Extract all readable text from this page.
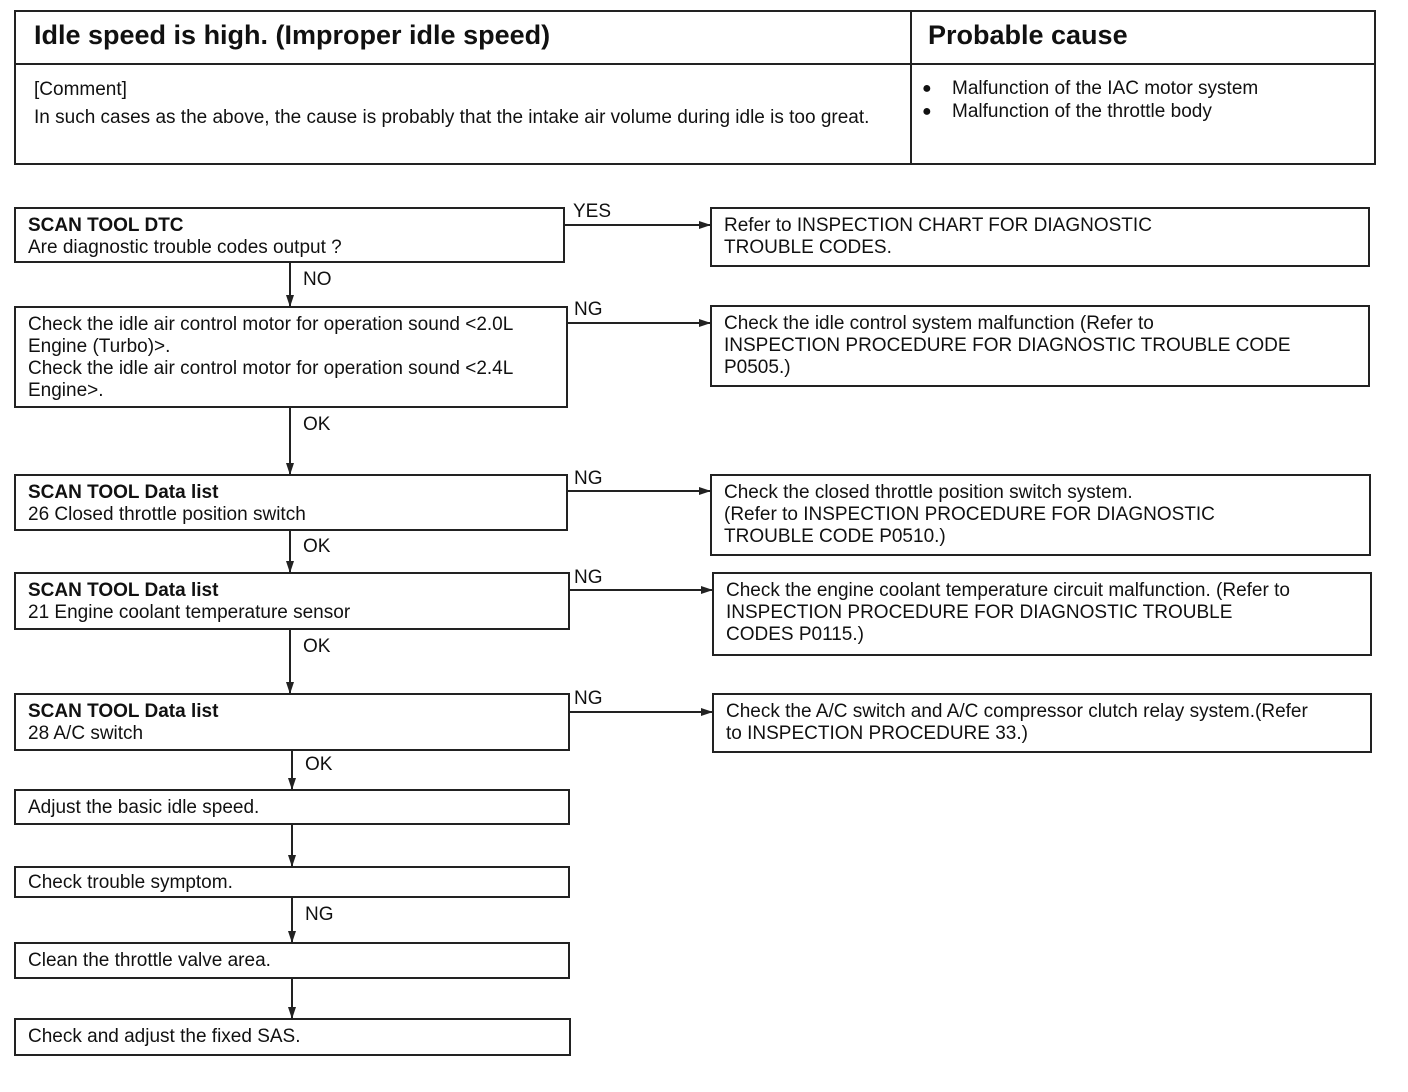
Idle speed is high. (Improper idle speed)	Probable cause
[Comment]
In such cases as the above, the cause is probably that the intake air volume during idle is too great.
●	Malfunction of the IAC motor system
●	Malfunction of the throttle body
SCAN TOOL DTC
Are diagnostic trouble codes output ?
Check the idle air control motor for operation sound <2.0L
Engine (Turbo)>.
Check the idle air control motor for operation sound <2.4L
Engine>.
SCAN TOOL Data list
26 Closed throttle position switch
SCAN TOOL Data list
21 Engine coolant temperature sensor
SCAN TOOL Data list
28 A/C switch
Adjust the basic idle speed.
Check trouble symptom.
Clean the throttle valve area.
Check and adjust the fixed SAS.
Refer to INSPECTION CHART FOR DIAGNOSTIC
TROUBLE CODES.
Check the idle control system malfunction (Refer to
INSPECTION PROCEDURE FOR DIAGNOSTIC TROUBLE CODE
P0505.)
Check the closed throttle position switch system.
(Refer to INSPECTION PROCEDURE FOR DIAGNOSTIC
TROUBLE CODE P0510.)
Check the engine coolant temperature circuit malfunction. (Refer to
INSPECTION PROCEDURE FOR DIAGNOSTIC TROUBLE
CODES P0115.)
Check the A/C switch and A/C compressor clutch relay system.(Refer
to INSPECTION PROCEDURE 33.)
YES
NG
NG
NG
NG
NO
OK
OK
OK
OK
NG
